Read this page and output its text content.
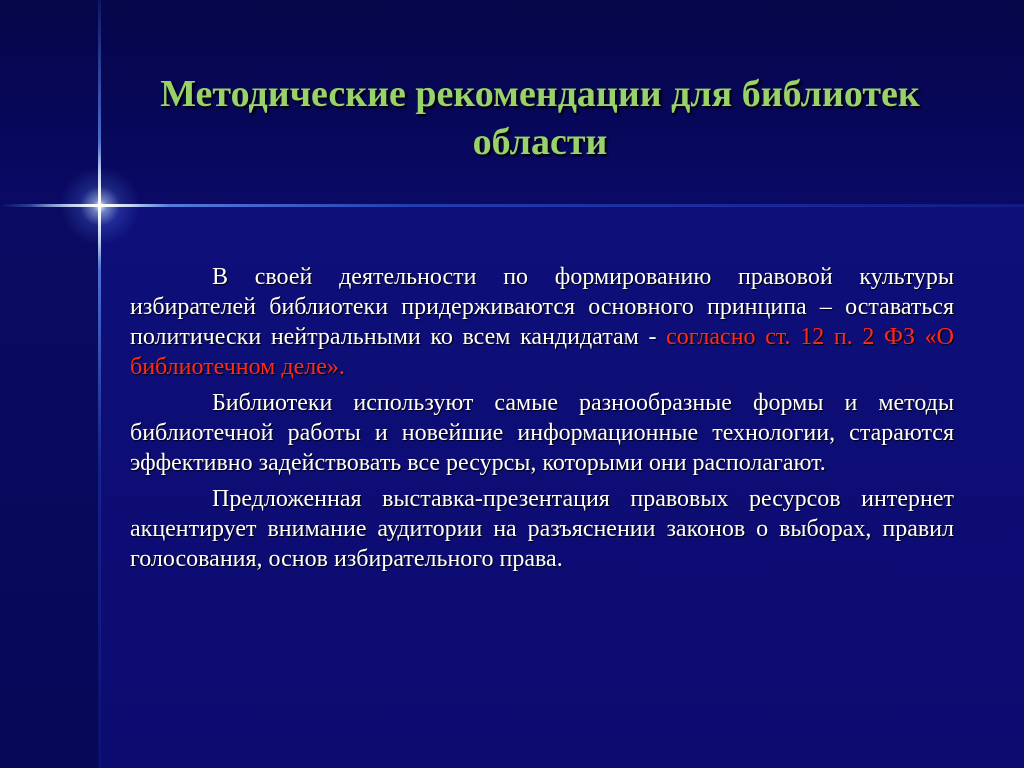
Методические рекомендации для библиотек области

В своей деятельности по формированию правовой культуры избирателей библиотеки придерживаются основного принципа – оставаться политически нейтральными ко всем кандидатам - согласно ст. 12 п. 2 ФЗ «О библиотечном деле».

Библиотеки используют самые разнообразные формы и методы библиотечной работы и новейшие информационные технологии, стараются эффективно задействовать все ресурсы, которыми они располагают.

Предложенная выставка-презентация правовых ресурсов интернет акцентирует внимание аудитории на разъяснении законов о выборах, правил голосования, основ избирательного права.
